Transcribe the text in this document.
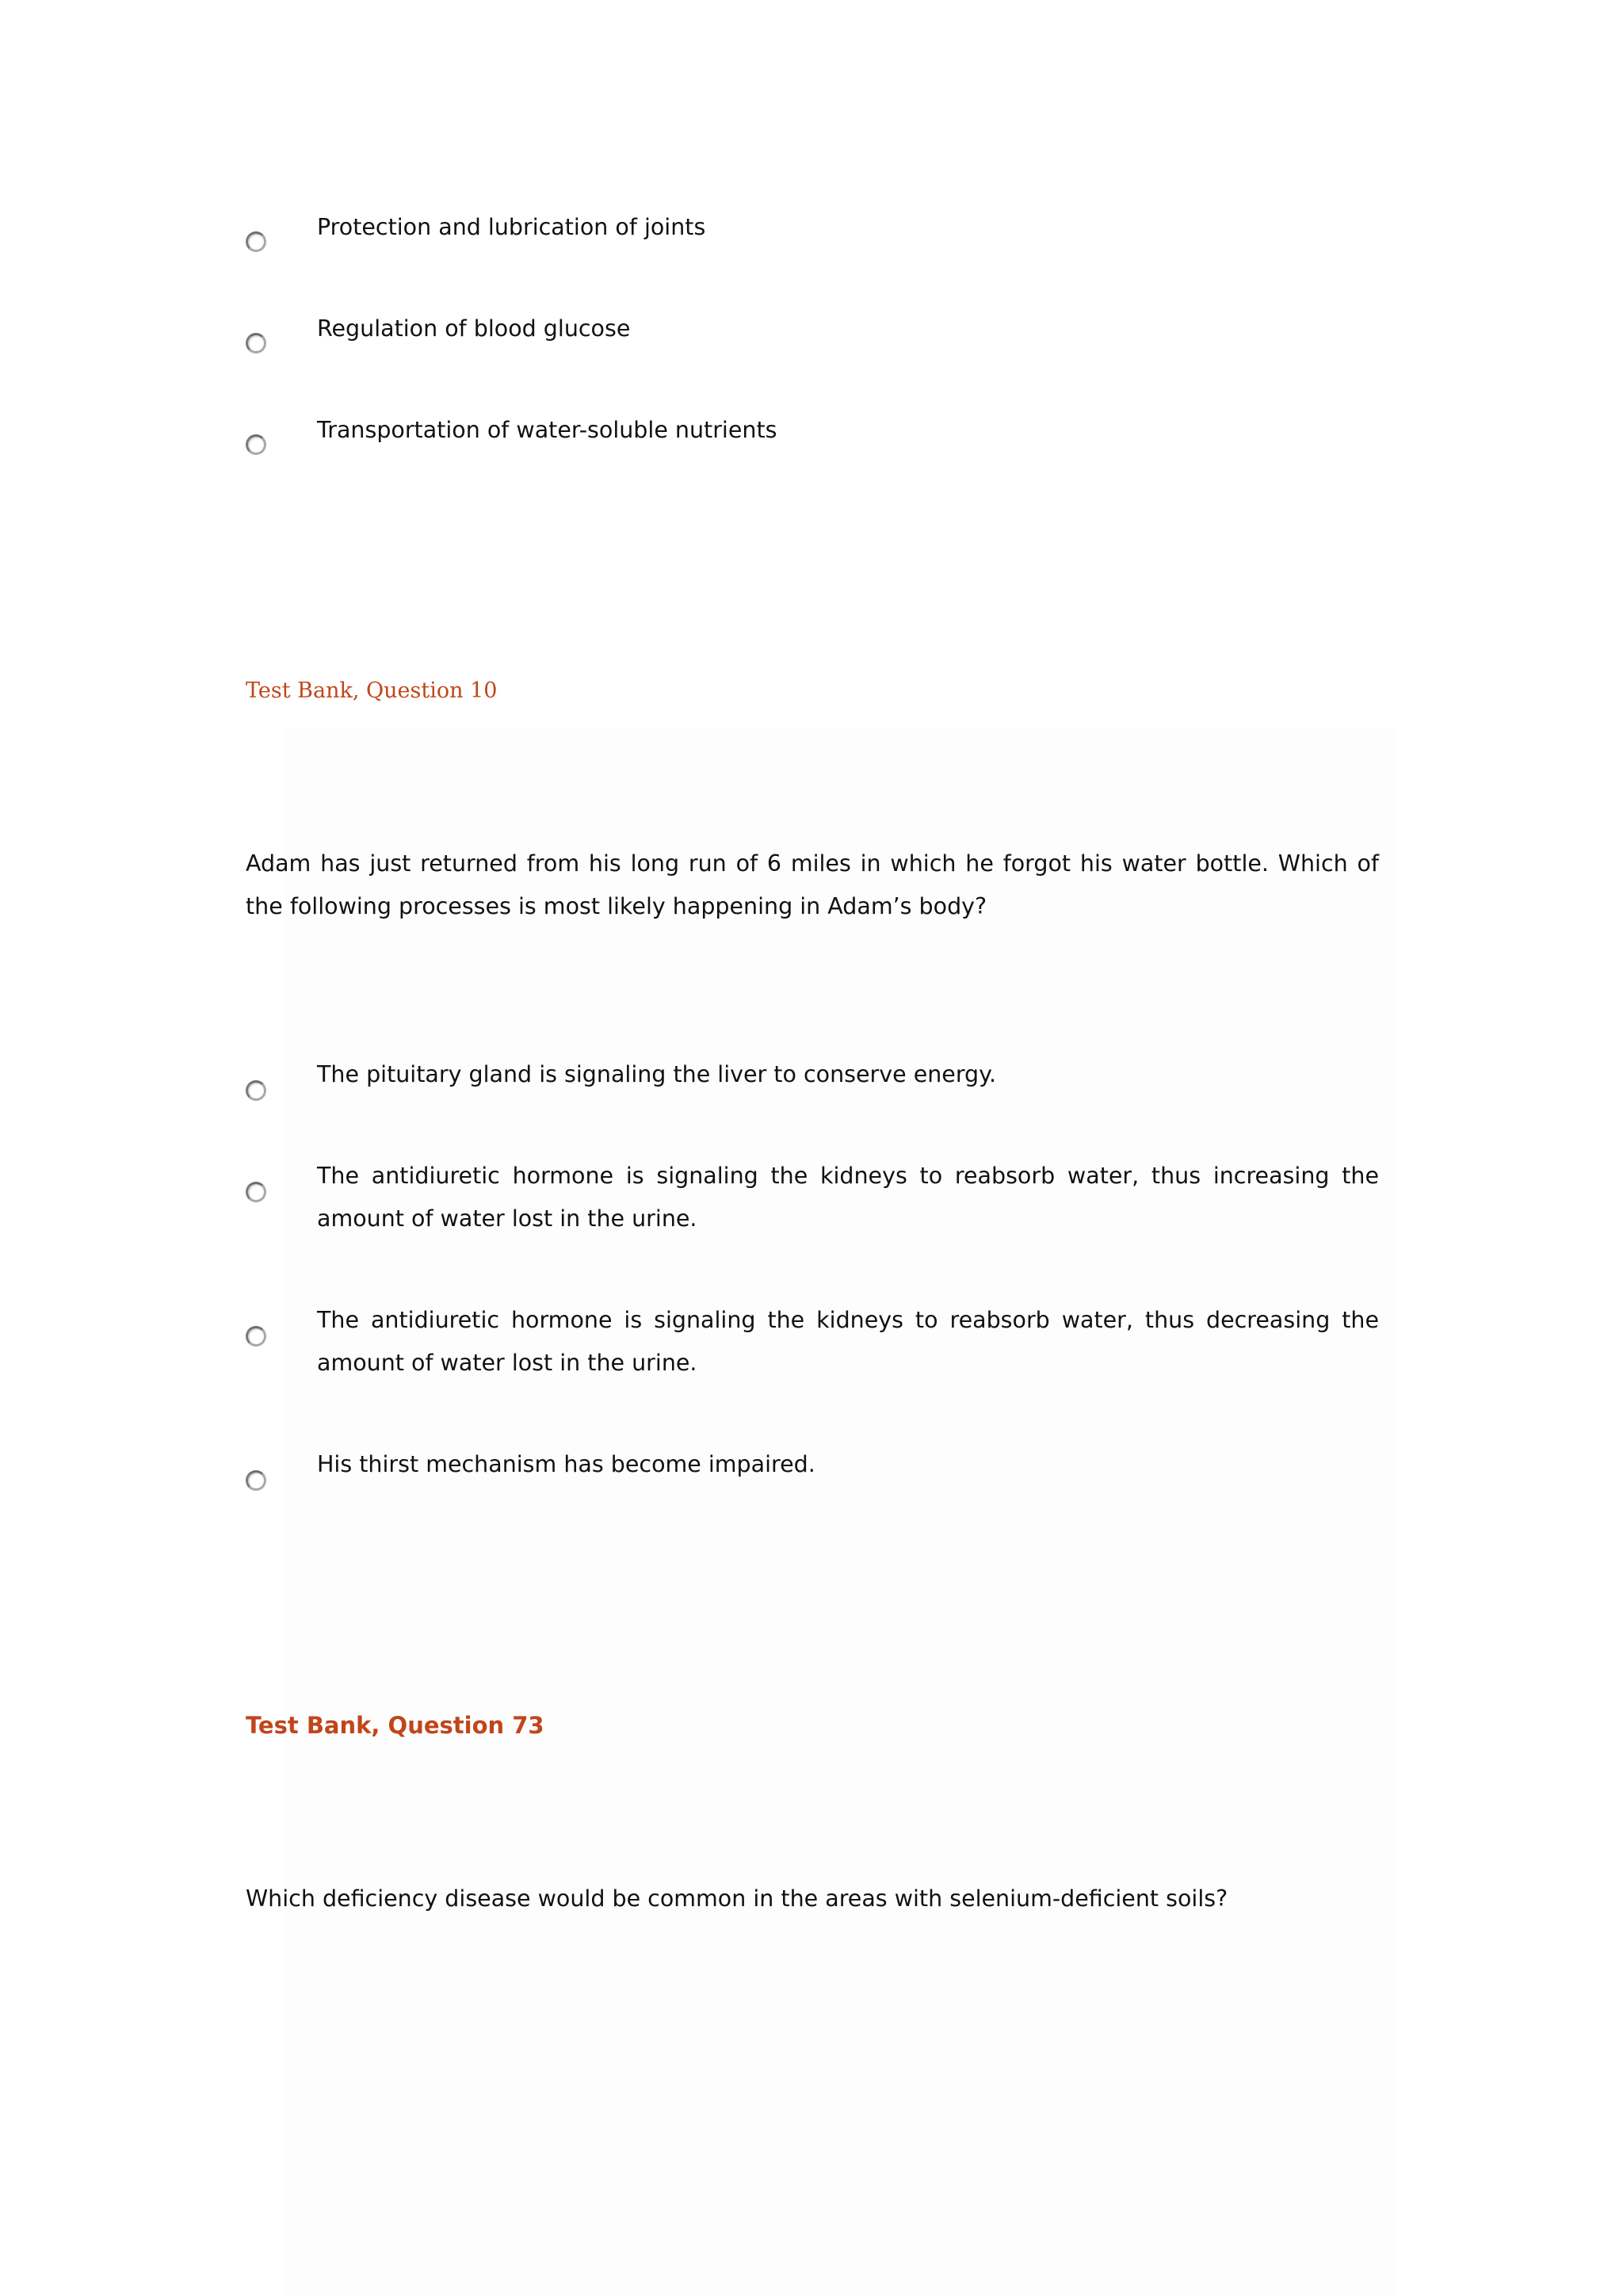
Protection and lubrication of joints
Regulation of blood glucose
Transportation of water-soluble nutrients
Test Bank, Question 10
Adam has just returned from his long run of 6 miles in which he forgot his water bottle. Which of the following processes is most likely happening in Adam’s body?
The pituitary gland is signaling the liver to conserve energy.
The antidiuretic hormone is signaling the kidneys to reabsorb water, thus increasing the amount of water lost in the urine.
The antidiuretic hormone is signaling the kidneys to reabsorb water, thus decreasing the amount of water lost in the urine.
His thirst mechanism has become impaired.
Test Bank, Question 73
Which deficiency disease would be common in the areas with selenium-deficient soils?
